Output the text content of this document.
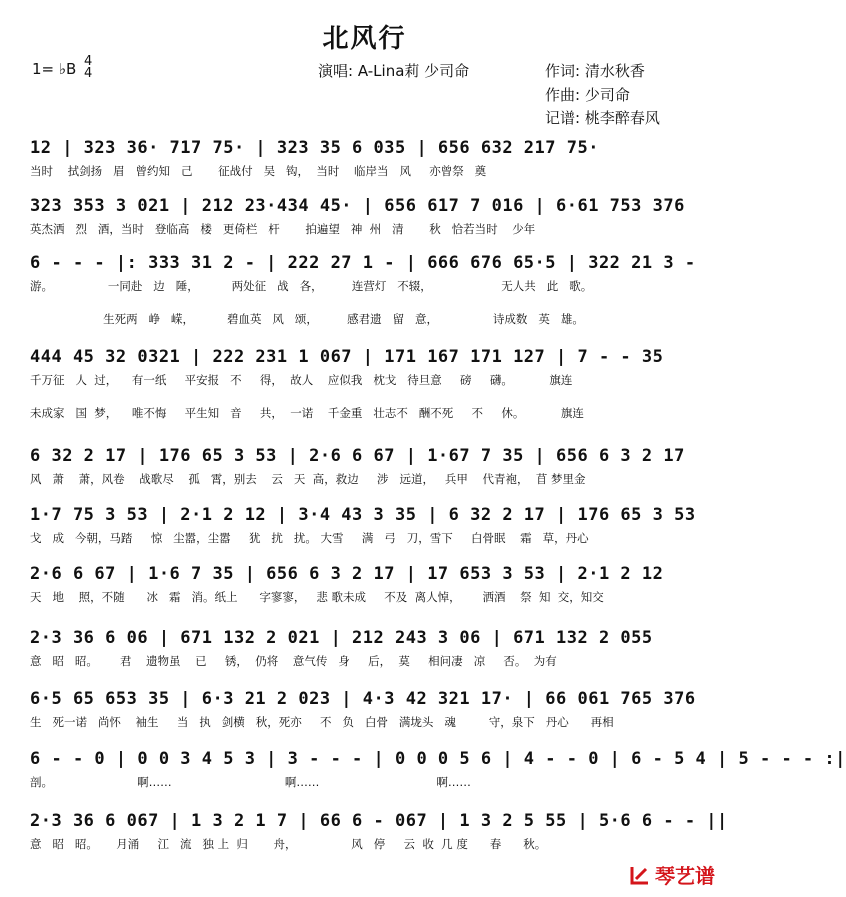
北风行
1= ♭B 4
4	演唱: A-Lina莉 少司命	作词: 清水秋香
作曲: 少司命
记谱: 桃李醉春风
12 | 323 36· 717 75· | 323 35 6 035 | 656 632 217 75·
当时    拭剑扬   眉   曾约知   己       征战付   吴   钩，  当时    临岸当   风     亦曾祭   奠
323 353 3 021 | 212 23·434 45· | 656 617 7 016 | 6·61 753 376
英杰洒   烈   酒，当时   登临高   楼   更倚栏   杆       拍遍望   神  州   清       秋   恰若当时    少年
6 - - - |: 333 31 2 - | 222 27 1 - | 666 676 65·5 | 322 21 3 -
游。               一同赴   边   陲，         两处征   战   各，        连营灯   不辍，                   无人共   此   歌。
生死两   峥   嵘，         碧血英   风   颂，        感君遗   留   意，               诗成数   英   雄。
444 45 32 0321 | 222 231 1 067 | 171 167 171 127 | 7 - - 35
千万征   人  过，    有一纸     平安报   不     得，  故人    应似我   枕戈   待旦意     磅     礴。          旗连
未成家   国  梦，    唯不悔     平生知   音     共，  一诺    千金重   壮志不   酬不死     不     休。          旗连
6 32 2 17 | 176 65 3 53 | 2·6 6 67 | 1·67 7 35 | 656 6 3 2 17
风   萧    萧，风卷    战歌尽    孤   霄，别去    云   天  高，救边     涉   远道，   兵甲    代青袍，  苜 梦里金
1·7 75 3 53 | 2·1 2 12 | 3·4 43 3 35 | 6 32 2 17 | 176 65 3 53
戈   成   今朝，马踏     惊   尘嚣，尘嚣     犹   扰   扰。 大雪     满   弓   刀，雪下     白骨眠    霜   草，丹心
2·6 6 67 | 1·6 7 35 | 656 6 3 2 17 | 17 653 3 53 | 2·1 2 12
天   地    照，不随      冰   霜   消。纸上      字寥寥，   悲 歌未成     不及  离人悼，      洒酒    祭  知  交，知交
2·3 36 6 06 | 671 132 2 021 | 212 243 3 06 | 671 132 2 055
意   昭   昭。      君    遗物虽    已     锈，  仍将    意气传   身     后，  莫     相问凄   凉     否。  为有
6·5 65 653 35 | 6·3 21 2 023 | 4·3 42 321 17· | 66 061 765 376
生   死一诺   尚怀    袖生     当   执   剑横   秋，死亦     不   负   白骨   满垅头   魂         守，泉下   丹心      再相
6 - - 0 | 0 0 3 4 5 3 | 3 - - - | 0 0 0 5 6 | 4 - - 0 | 6 - 5 4 | 5 - - - :|
剖。                       啊……                               啊……                                啊……
2·3 36 6 067 | 1 3 2 1 7 | 66 6 - 067 | 1 3 2 5 55 | 5·6 6 - - ||
意   昭   昭。     月涌     江   流   独 上  归       舟，               风   停     云  收  几 度      春      秋。
琴艺谱
